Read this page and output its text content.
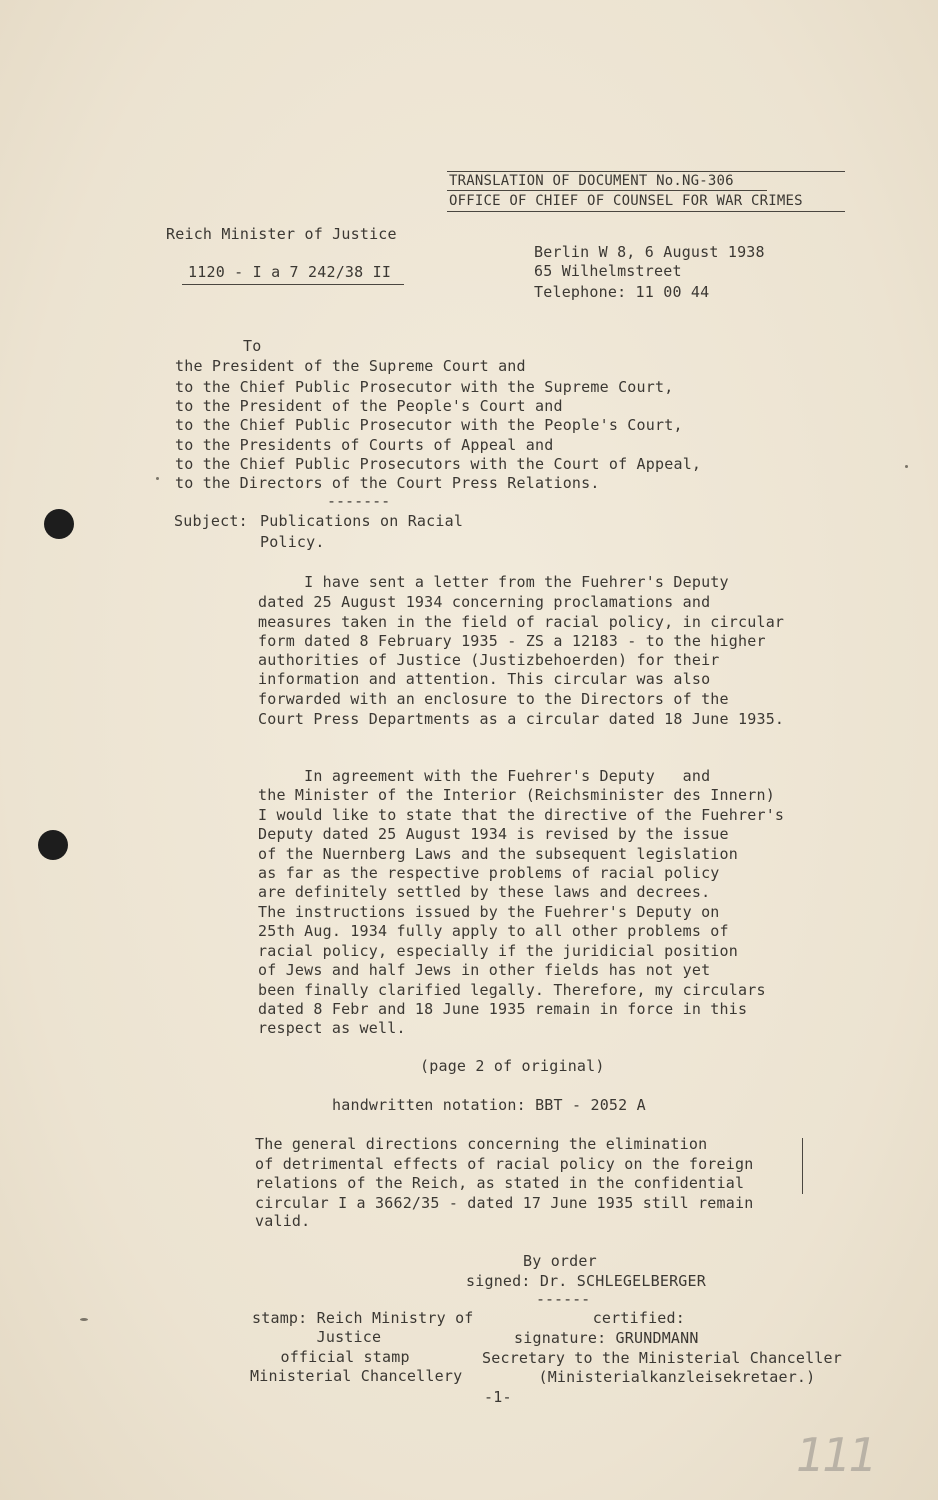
TRANSLATION OF DOCUMENT No.NG-306
OFFICE OF CHIEF OF COUNSEL FOR WAR CRIMES
Reich Minister of Justice
1120 - I a 7 242/38 II
Berlin W 8, 6 August 1938
65 Wilhelmstreet
Telephone: 11 00 44
To
the President of the Supreme Court and
to the Chief Public Prosecutor with the Supreme Court,
to the President of the People's Court and
to the Chief Public Prosecutor with the People's Court,
to the Presidents of Courts of Appeal and
to the Chief Public Prosecutors with the Court of Appeal,
to the Directors of the Court Press Relations.
-------
Subject: Publications on Racial
Policy.
I have sent a letter from the Fuehrer's Deputy
dated 25 August 1934 concerning proclamations and
measures taken in the field of racial policy, in circular
form dated 8 February 1935 - ZS a 12183 - to the higher
authorities of Justice (Justizbehoerden) for their
information and attention. This circular was also
forwarded with an enclosure to the Directors of the
Court Press Departments as a circular dated 18 June 1935.
In agreement with the Fuehrer's Deputy   and
the Minister of the Interior (Reichsminister des Innern)
I would like to state that the directive of the Fuehrer's
Deputy dated 25 August 1934 is revised by the issue
of the Nuernberg Laws and the subsequent legislation
as far as the respective problems of racial policy
are definitely settled by these laws and decrees.
The instructions issued by the Fuehrer's Deputy on
25th Aug. 1934 fully apply to all other problems of
racial policy, especially if the juridicial position
of Jews and half Jews in other fields has not yet
been finally clarified legally. Therefore, my circulars
dated 8 Febr and 18 June 1935 remain in force in this
respect as well.
(page 2 of original)
handwritten notation: BBT - 2052 A
The general directions concerning the elimination
of detrimental effects of racial policy on the foreign
relations of the Reich, as stated in the confidential
circular I a 3662/35 - dated 17 June 1935 still remain
valid.
By order
signed: Dr. SCHLEGELBERGER
------
stamp: Reich Ministry of
Justice
official stamp
Ministerial Chancellery
certified:
signature: GRUNDMANN
Secretary to the Ministerial Chanceller
(Ministerialkanzleisekretaer.)
-1-
111
